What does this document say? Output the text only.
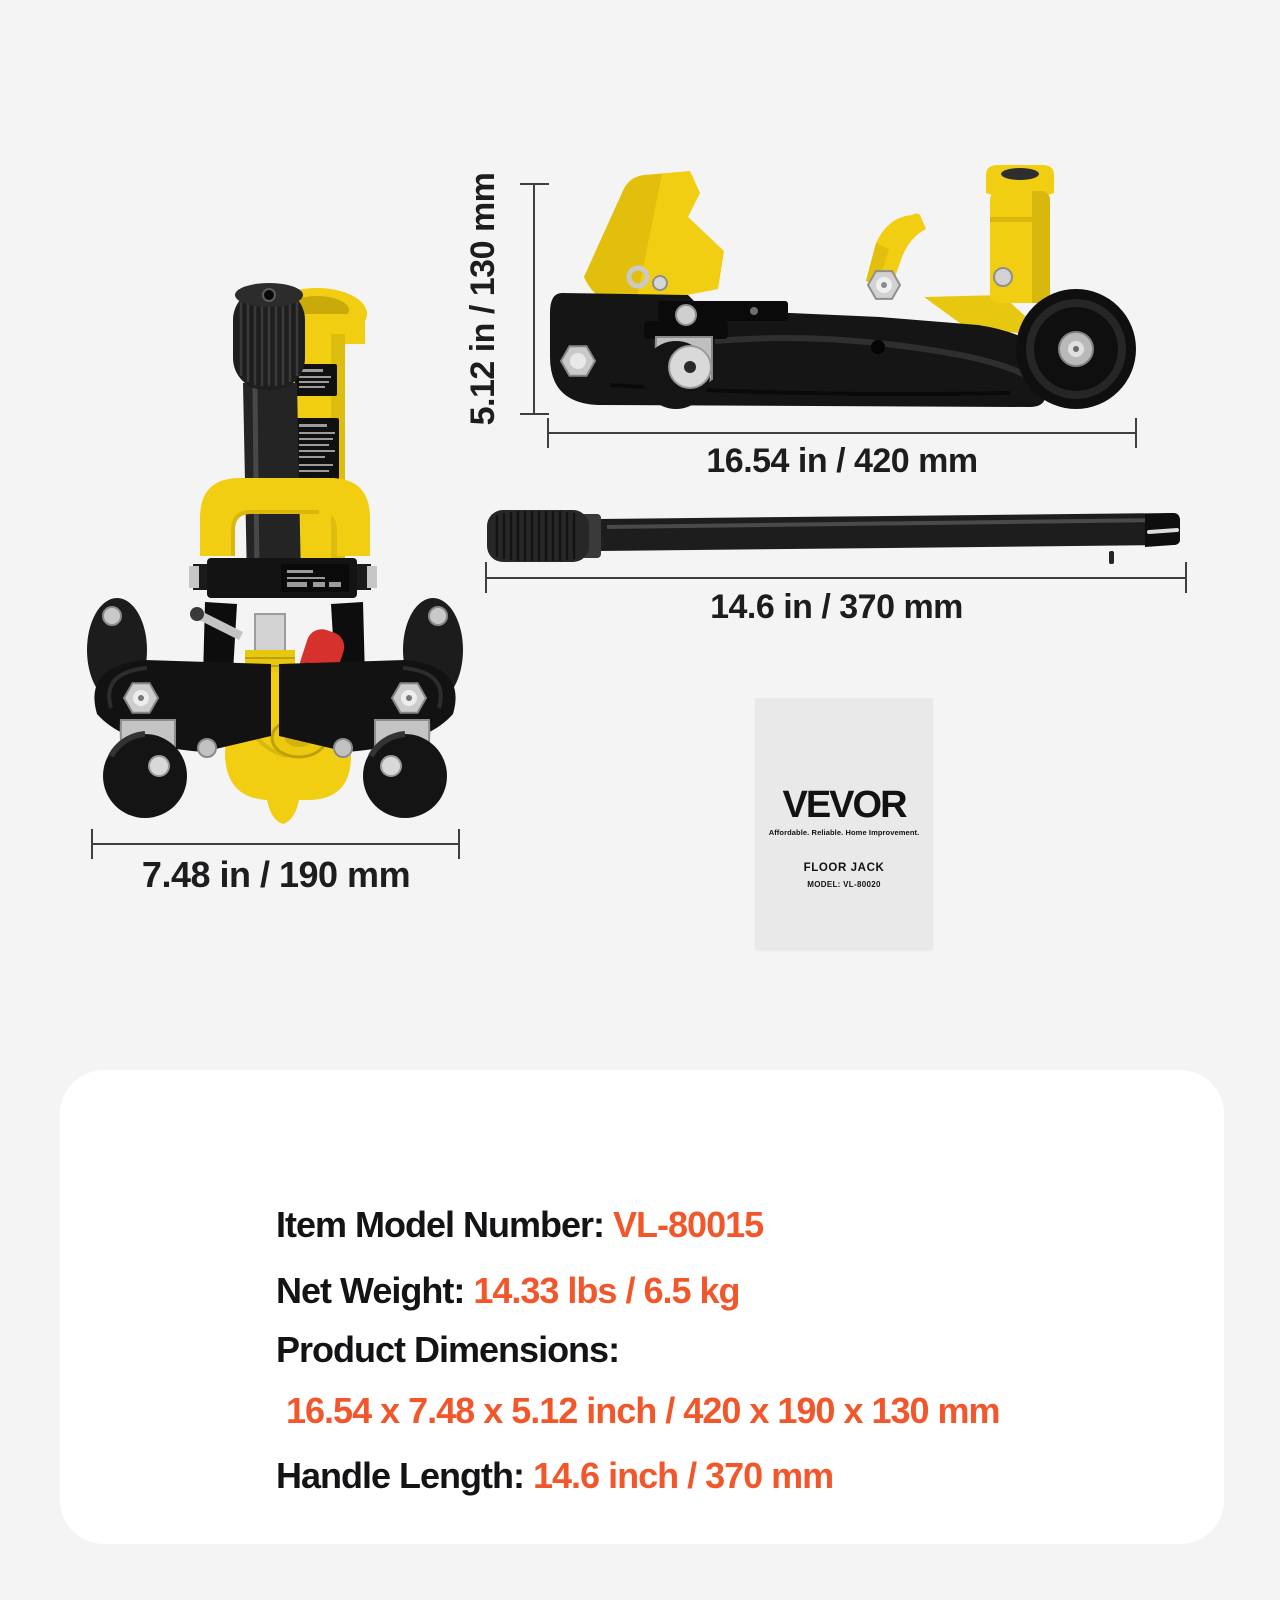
5.12 in / 130 mm
16.54 in / 420 mm
14.6 in / 370 mm
7.48 in / 190 mm
VEVOR
Affordable. Reliable. Home Improvement.
FLOOR JACK
MODEL: VL-80020

Item Model Number: VL-80015

Net Weight: 14.33 lbs / 6.5 kg

Product Dimensions:

16.54 x 7.48 x 5.12 inch / 420 x 190 x 130 mm

Handle Length: 14.6 inch / 370 mm
